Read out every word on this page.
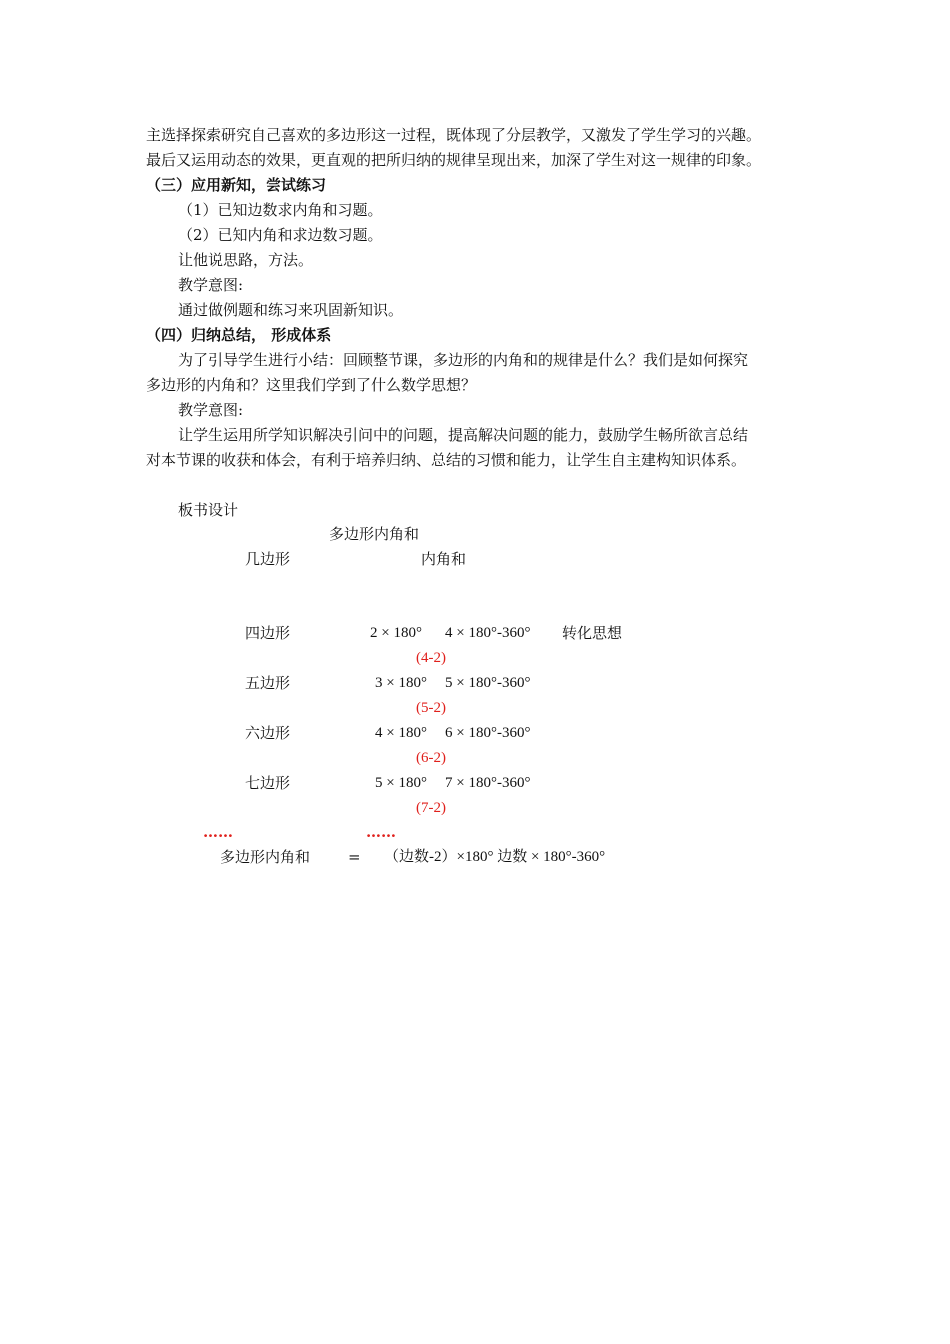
主选择探索研究自己喜欢的多边形这一过程，既体现了分层教学，又激发了学生学习的兴趣。
最后又运用动态的效果，更直观的把所归纳的规律呈现出来，加深了学生对这一规律的印象。
（三）应用新知，尝试练习
（1）已知边数求内角和习题。
（2）已知内角和求边数习题。
让他说思路，方法。
教学意图:
通过做例题和练习来巩固新知识。
（四）归纳总结， 形成体系
为了引导学生进行小结：回顾整节课，多边形的内角和的规律是什么？我们是如何探究
多边形的内角和？这里我们学到了什么数学思想？
教学意图:
让学生运用所学知识解决引问中的问题，提高解决问题的能力，鼓励学生畅所欲言总结
对本节课的收获和体会，有利于培养归纳、总结的习惯和能力，让学生自主建构知识体系。
板书设计
多边形内角和
几边形	内角和
四边形	2 × 180° 4 × 180°-360° 转化思想
(4-2)
五边形	3 × 180° 5 × 180°-360°
(5-2)
六边形	4 × 180° 6 × 180°-360°
(6-2)
七边形	5 × 180° 7 × 180°-360°
(7-2)
……	……
多边形内角和	= （边数-2）×180° 边数 × 180°-360°
